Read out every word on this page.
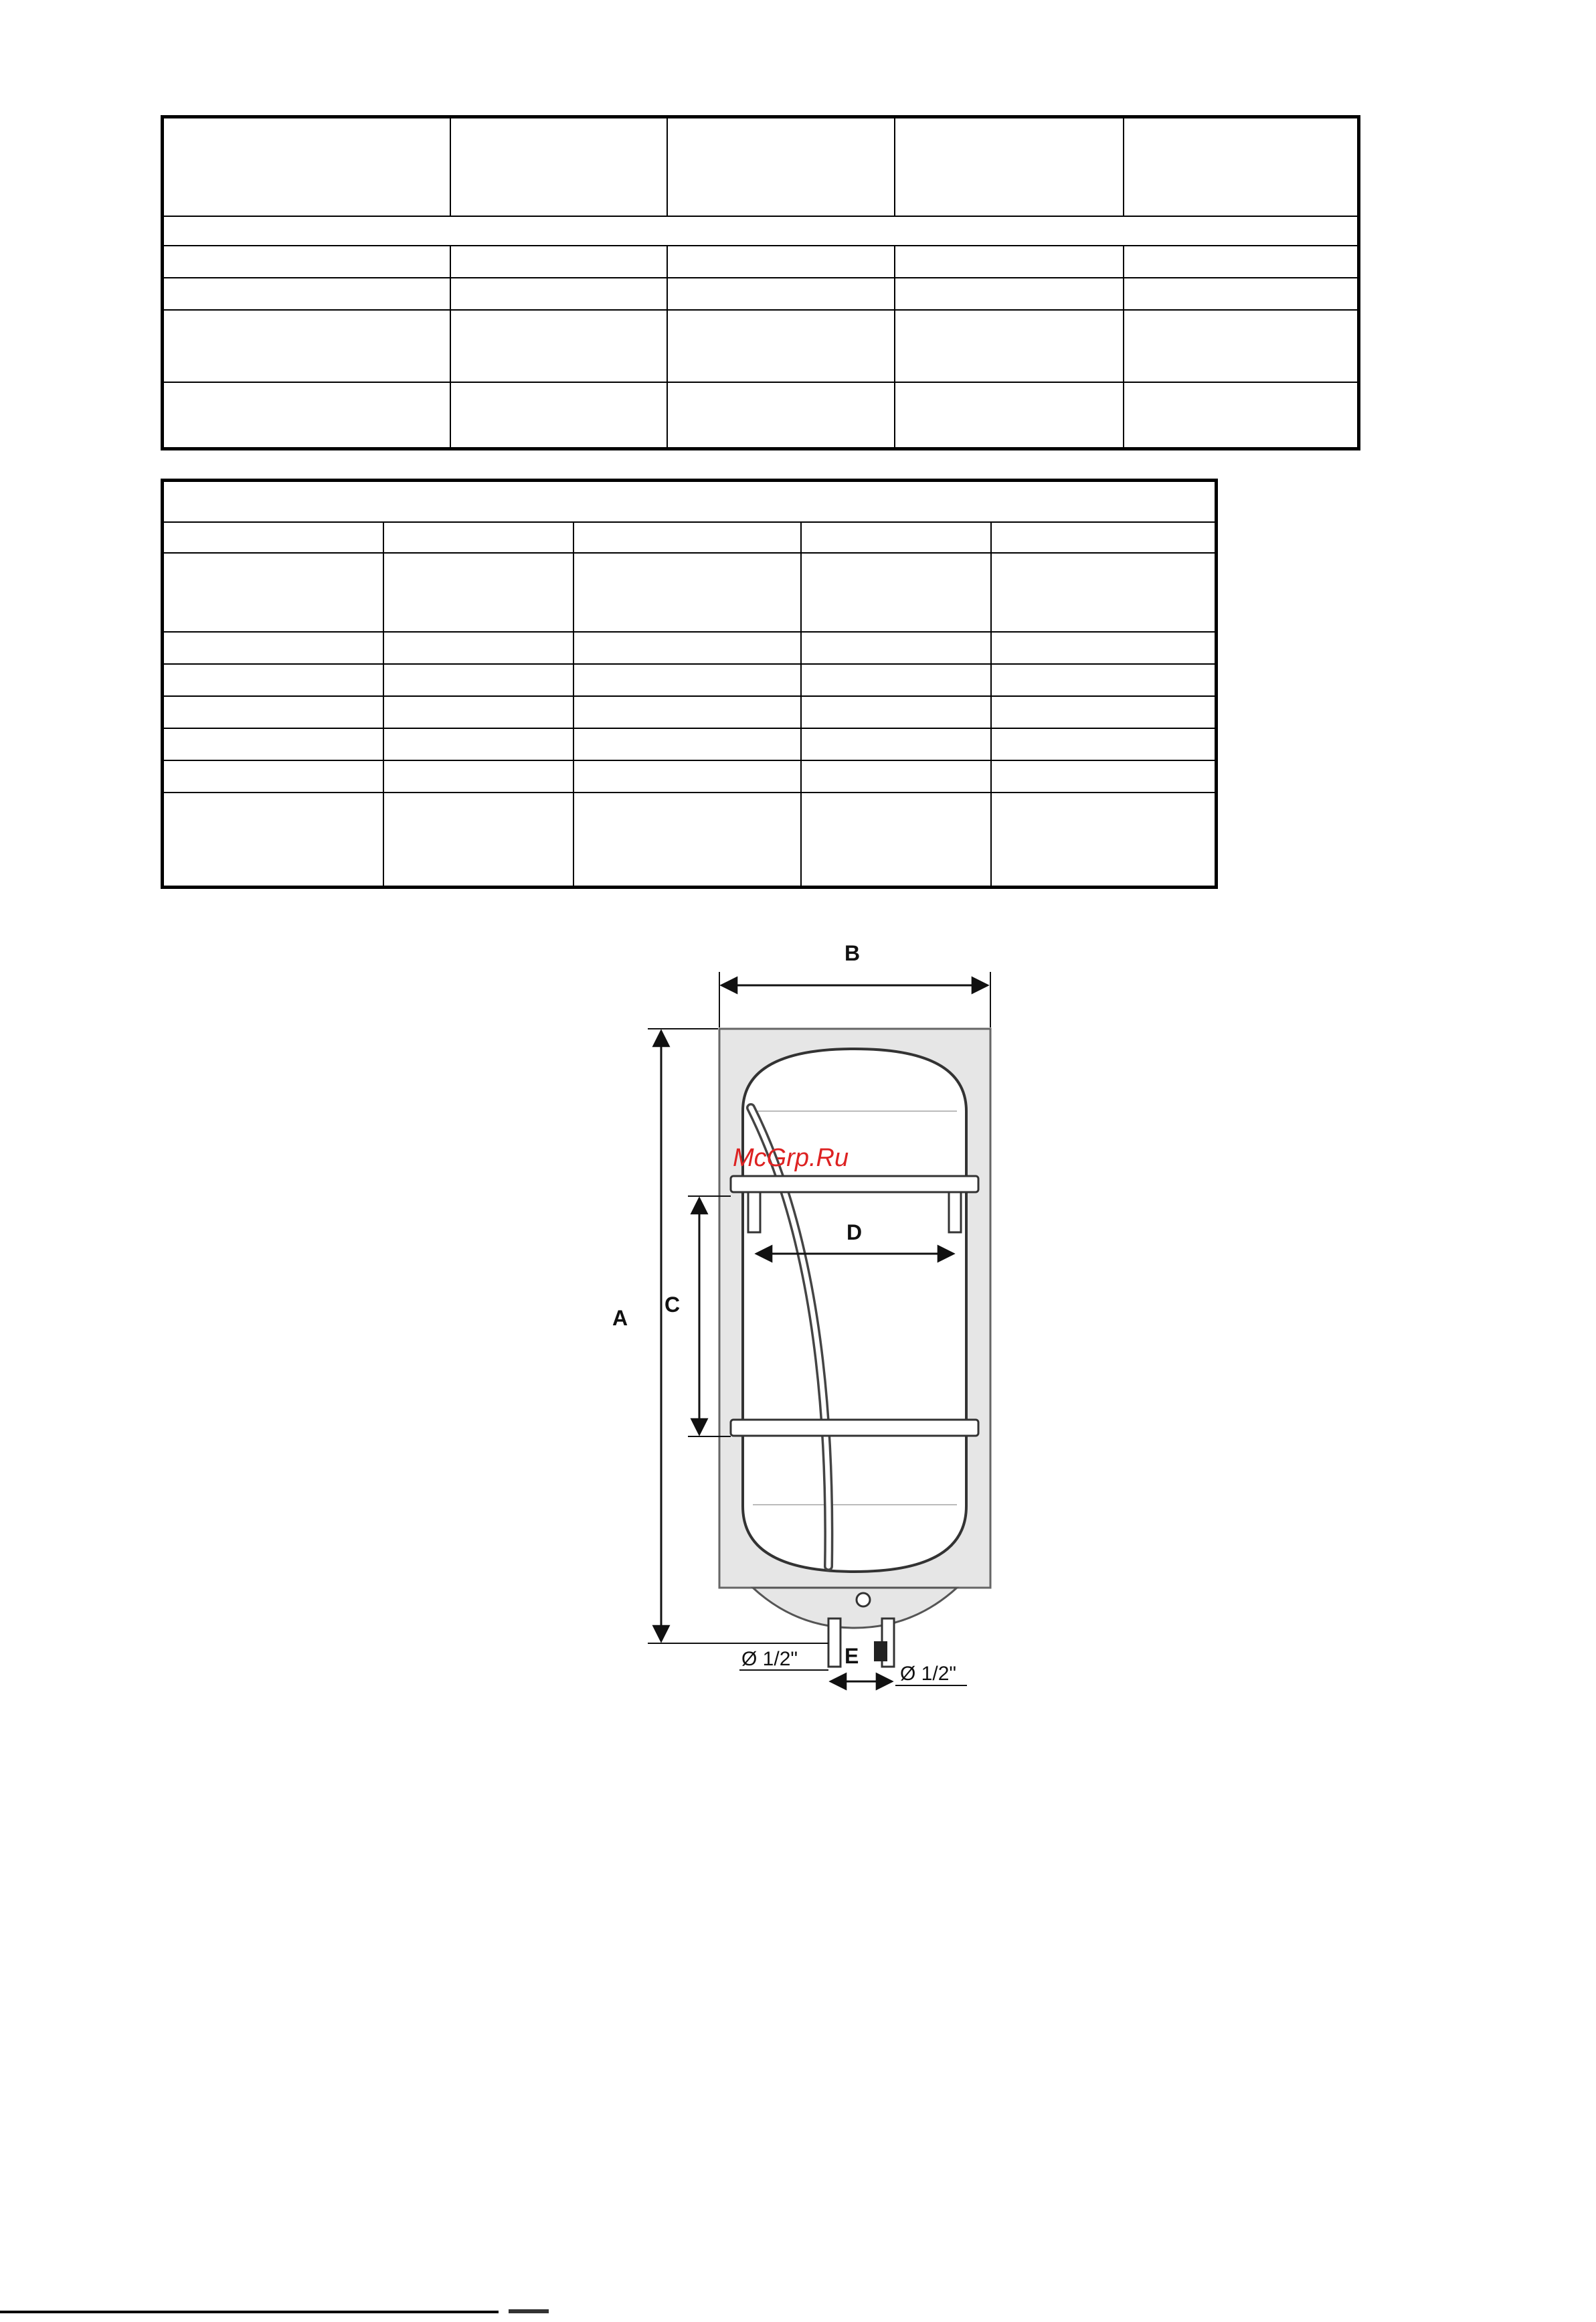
B
A
C
D
E
Ø 1/2"
Ø 1/2"
McGrp.Ru
